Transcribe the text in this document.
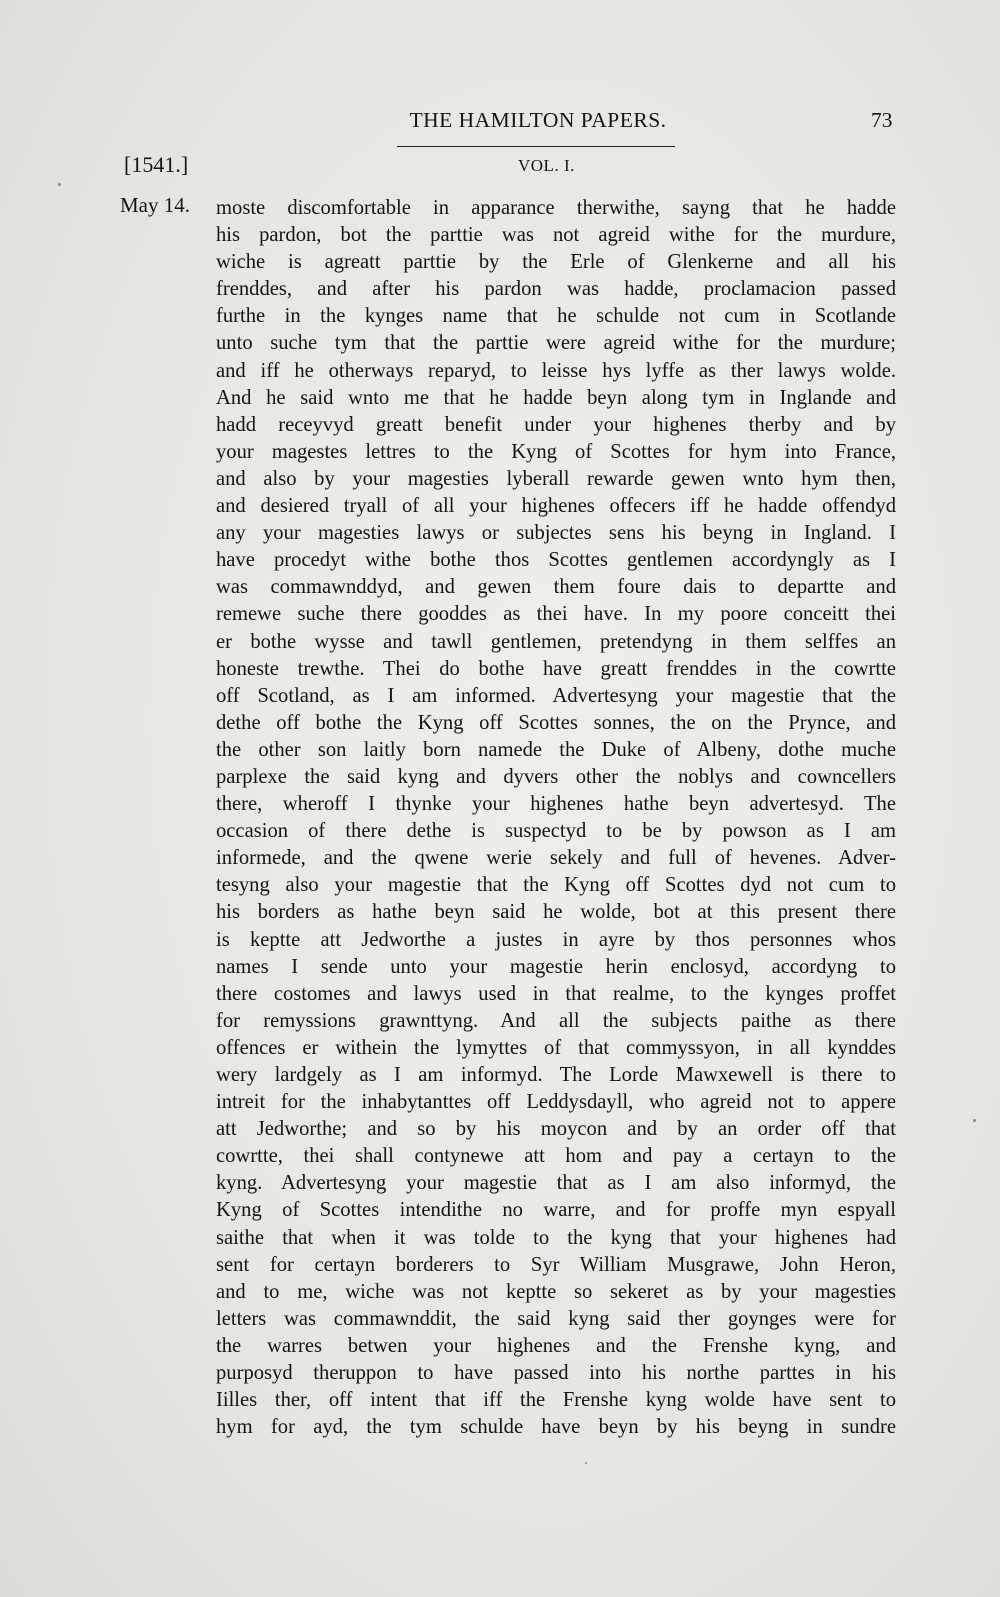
THE HAMILTON PAPERS.	73
[1541.]	VOL. I.
May 14. moste discomfortable in apparance therwithe, sayng that he hadde
his pardon, bot the parttie was not agreid withe for the murdure,
wiche is agreatt parttie by the Erle of Glenkerne and all his
frenddes, and after his pardon was hadde, proclamacion passed
furthe in the kynges name that he schulde not cum in Scotlande
unto suche tym that the parttie were agreid withe for the murdure;
and iff he otherways reparyd, to leisse hys lyffe as ther lawys wolde.
And he said wnto me that he hadde beyn along tym in Inglande and
hadd receyvyd greatt benefit under your highenes therby and by
your magestes lettres to the Kyng of Scottes for hym into France,
and also by your magesties lyberall rewarde gewen wnto hym then,
and desiered tryall of all your highenes offecers iff he hadde offendyd
any your magesties lawys or subjectes sens his beyng in Ingland. I
have procedyt withe bothe thos Scottes gentlemen accordyngly as I
was commawnddyd, and gewen them foure dais to departte and
remewe suche there gooddes as thei have. In my poore conceitt thei
er bothe wysse and tawll gentlemen, pretendyng in them selffes an
honeste trewthe. Thei do bothe have greatt frenddes in the cowrtte
off Scotland, as I am informed. Advertesyng your magestie that the
dethe off bothe the Kyng off Scottes sonnes, the on the Prynce, and
the other son laitly born namede the Duke of Albeny, dothe muche
parplexe the said kyng and dyvers other the noblys and cowncellers
there, wheroff I thynke your highenes hathe beyn advertesyd. The
occasion of there dethe is suspectyd to be by powson as I am
informede, and the qwene werie sekely and full of hevenes. Adver-
tesyng also your magestie that the Kyng off Scottes dyd not cum to
his borders as hathe beyn said he wolde, bot at this present there
is keptte att Jedworthe a justes in ayre by thos personnes whos
names I sende unto your magestie herin enclosyd, accordyng to
there costomes and lawys used in that realme, to the kynges proffet
for remyssions grawnttyng. And all the subjects paithe as there
offences er withein the lymyttes of that commyssyon, in all kynddes
wery lardgely as I am informyd. The Lorde Mawxewell is there to
intreit for the inhabytanttes off Leddysdayll, who agreid not to appere
att Jedworthe; and so by his moycon and by an order off that
cowrtte, thei shall contynewe att hom and pay a certayn to the
kyng. Advertesyng your magestie that as I am also informyd, the
Kyng of Scottes intendithe no warre, and for proffe myn espyall
saithe that when it was tolde to the kyng that your highenes had
sent for certayn borderers to Syr William Musgrawe, John Heron,
and to me, wiche was not keptte so sekeret as by your magesties
letters was commawnddit, the said kyng said ther goynges were for
the warres betwen your highenes and the Frenshe kyng, and
purposyd theruppon to have passed into his northe parttes in his
Iilles ther, off intent that iff the Frenshe kyng wolde have sent to
hym for ayd, the tym schulde have beyn by his beyng in sundre
